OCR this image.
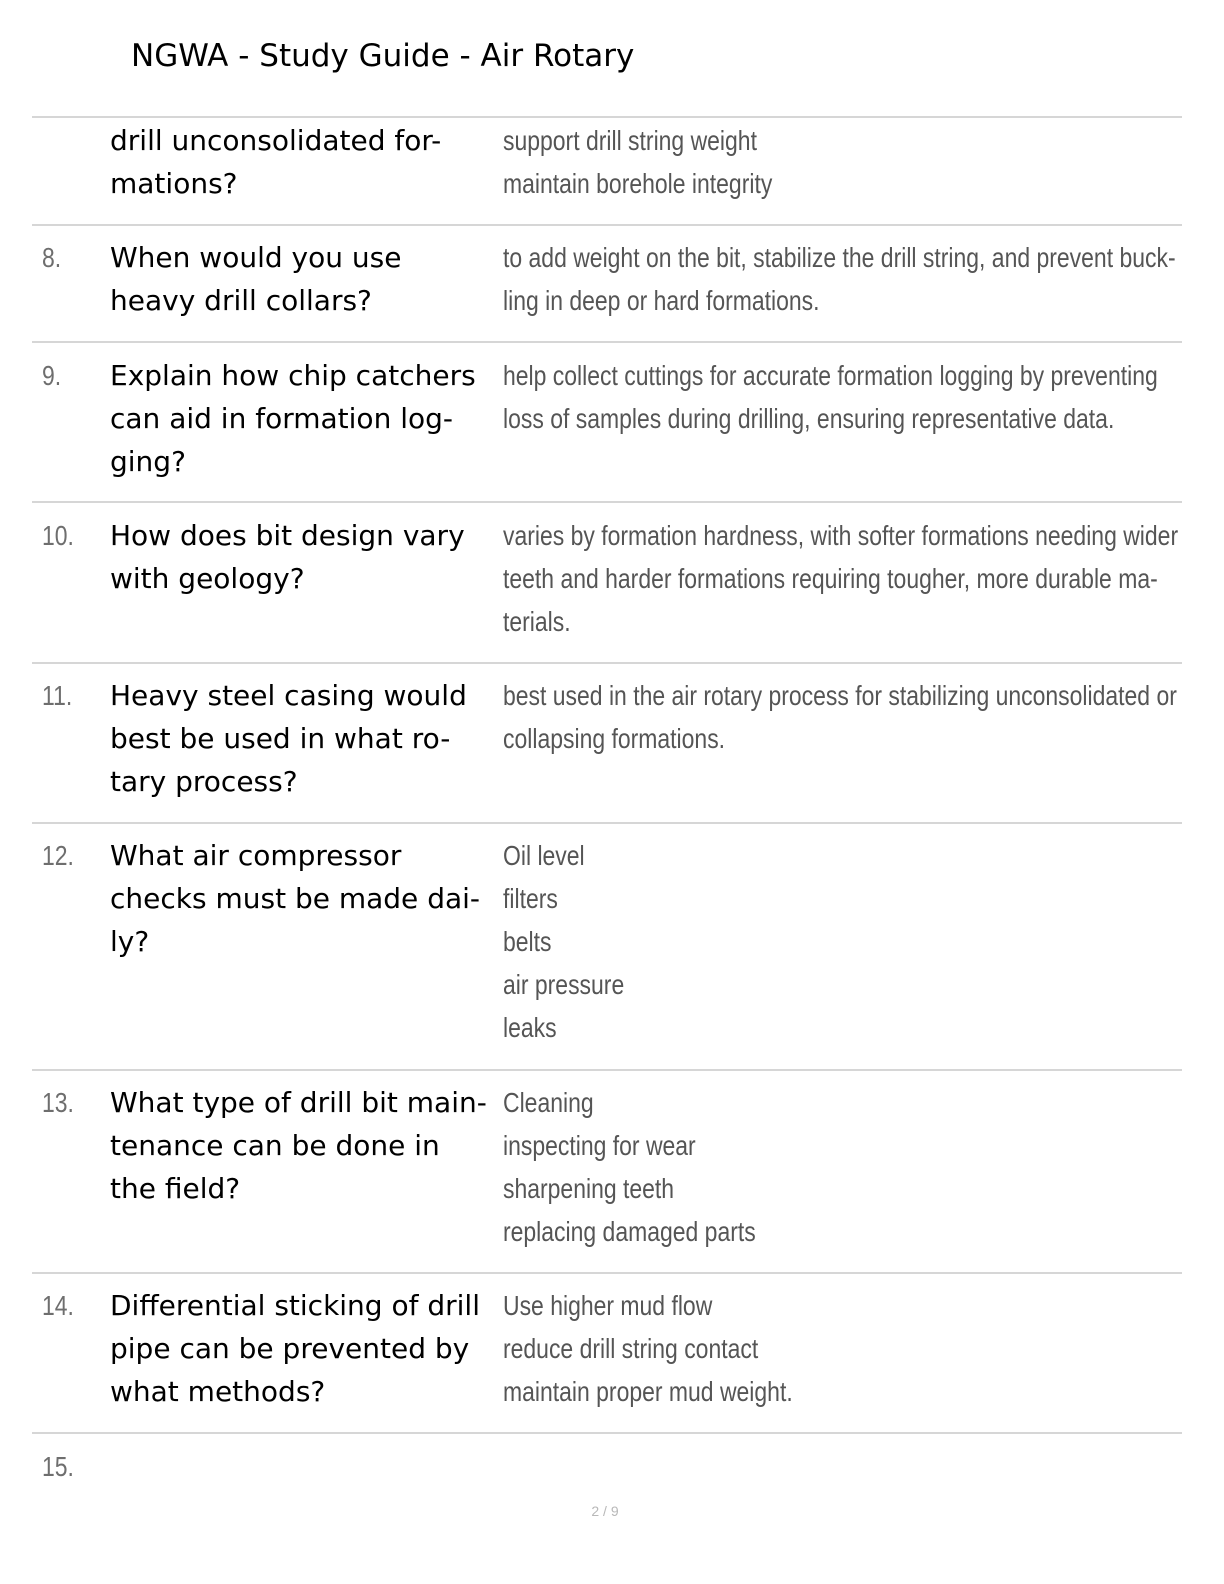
NGWA - Study Guide - Air Rotary
drill unconsolidated for-
mations?
support drill string weight
maintain borehole integrity
8. When would you use
heavy drill collars?
to add weight on the bit, stabilize the drill string, and prevent buck-
ling in deep or hard formations.
9. Explain how chip catchers
can aid in formation log-
ging?
help collect cuttings for accurate formation logging by preventing
loss of samples during drilling, ensuring representative data.
10. How does bit design vary
with geology?
varies by formation hardness, with softer formations needing wider
teeth and harder formations requiring tougher, more durable ma-
terials.
11. Heavy steel casing would
best be used in what ro-
tary process?
best used in the air rotary process for stabilizing unconsolidated or
collapsing formations.
12. What air compressor
checks must be made dai-
ly?
Oil level
filters
belts
air pressure
leaks
13. What type of drill bit main-
tenance can be done in
the field?
Cleaning
inspecting for wear
sharpening teeth
replacing damaged parts
14. Differential sticking of drill
pipe can be prevented by
what methods?
Use higher mud flow
reduce drill string contact
maintain proper mud weight.
15.
2 / 9
